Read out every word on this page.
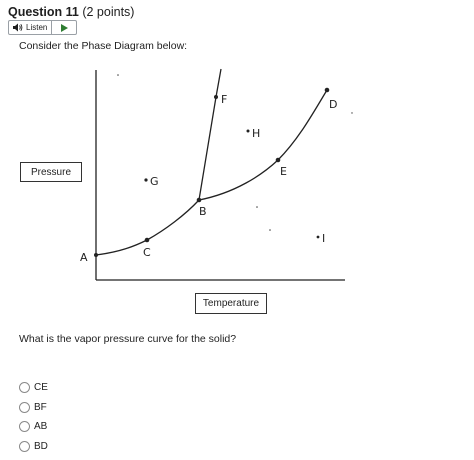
Question 11 (2 points)
Listen
Consider the Phase Diagram below:
A	C
B
F
E
D
G
H
I
Pressure
Temperature
What is the vapor pressure curve for the solid?
CE
BF
AB
BD
